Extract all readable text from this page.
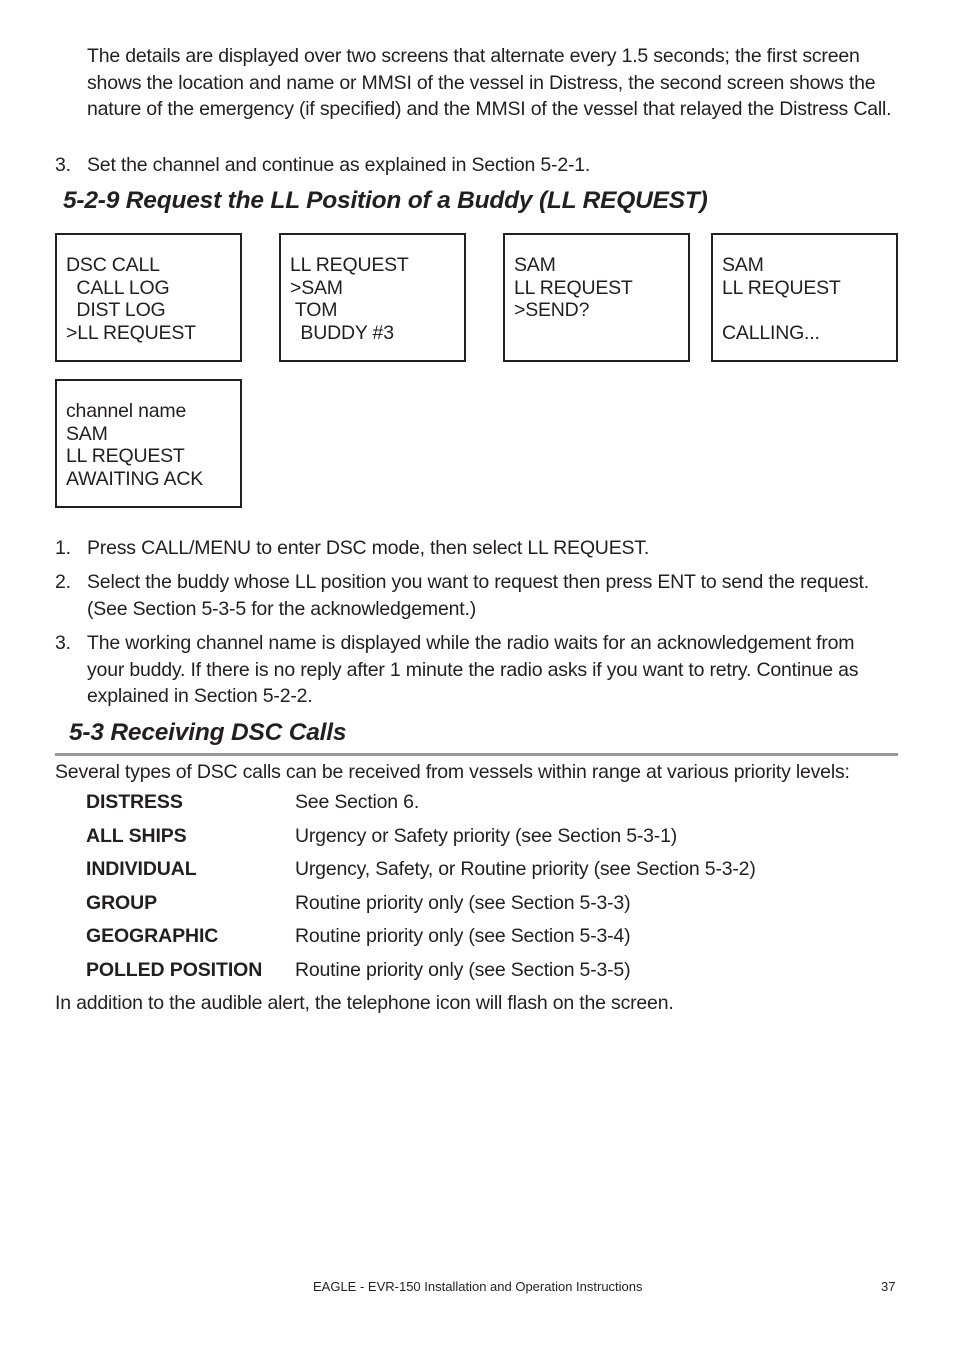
The details are displayed over two screens that alternate every 1.5 seconds; the first screen shows the location and name or MMSI of the vessel in Distress, the second screen shows the nature of the emergency (if specified) and the MMSI of the vessel that relayed the Distress Call.
3. Set the channel and continue as explained in Section 5-2-1.
5-2-9 Request the LL Position of a Buddy (LL REQUEST)
DSC CALL
CALL LOG
DIST LOG
>LL REQUEST
LL REQUEST
>SAM
TOM
BUDDY #3
SAM
LL REQUEST
>SEND?
SAM
LL REQUEST

CALLING...
channel name
SAM
LL REQUEST
AWAITING ACK
1. Press CALL/MENU to enter DSC mode, then select LL REQUEST.
2. Select the buddy whose LL position you want to request then press ENT to send the request. (See Section 5-3-5 for the acknowledgement.)
3. The working channel name is displayed while the radio waits for an acknowledgement from your buddy. If there is no reply after 1 minute the radio asks if you want to retry. Continue as explained in Section 5-2-2.
5-3 Receiving DSC Calls
Several types of DSC calls can be received from vessels within range at various priority levels:
DISTRESS	See Section 6.
ALL SHIPS	Urgency or Safety priority (see Section 5-3-1)
INDIVIDUAL	Urgency, Safety, or Routine priority (see Section 5-3-2)
GROUP	Routine priority only (see Section 5-3-3)
GEOGRAPHIC	Routine priority only (see Section 5-3-4)
POLLED POSITION Routine priority only (see Section 5-3-5)
In addition to the audible alert, the telephone icon will flash on the screen.
EAGLE - EVR-150 Installation and Operation Instructions	37
